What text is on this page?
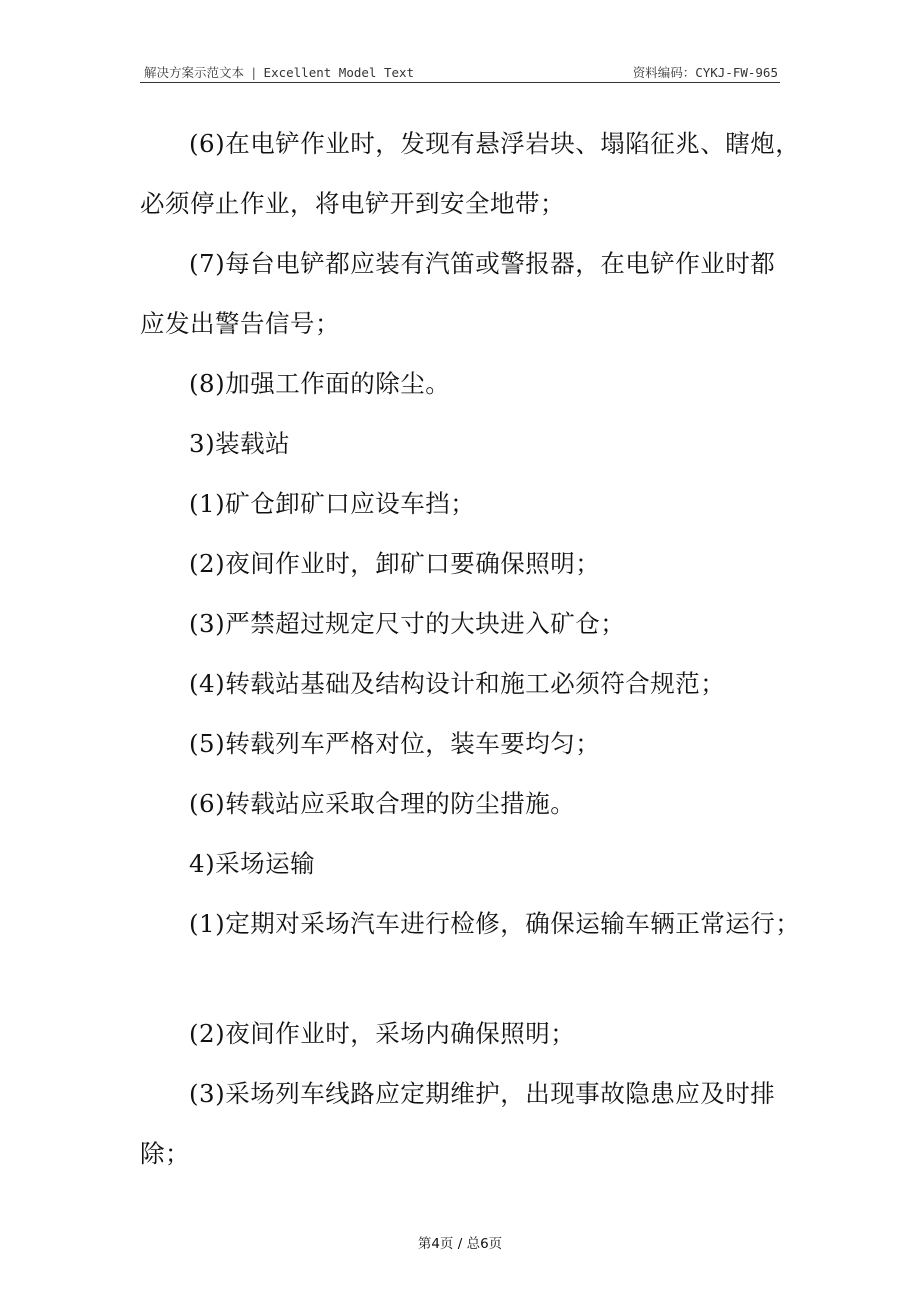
解决方案示范文本 | Excellent Model Text	资料编码：CYKJ-FW-965
(6)在电铲作业时，发现有悬浮岩块、塌陷征兆、瞎炮，
必须停止作业，将电铲开到安全地带；
(7)每台电铲都应装有汽笛或警报器，在电铲作业时都
应发出警告信号；
(8)加强工作面的除尘。
3)装载站
(1)矿仓卸矿口应设车挡；
(2)夜间作业时，卸矿口要确保照明；
(3)严禁超过规定尺寸的大块进入矿仓；
(4)转载站基础及结构设计和施工必须符合规范；
(5)转载列车严格对位，装车要均匀；
(6)转载站应采取合理的防尘措施。
4)采场运输
(1)定期对采场汽车进行检修，确保运输车辆正常运行；
(2)夜间作业时，采场内确保照明；
(3)采场列车线路应定期维护，出现事故隐患应及时排
除；
第4页 / 总6页
